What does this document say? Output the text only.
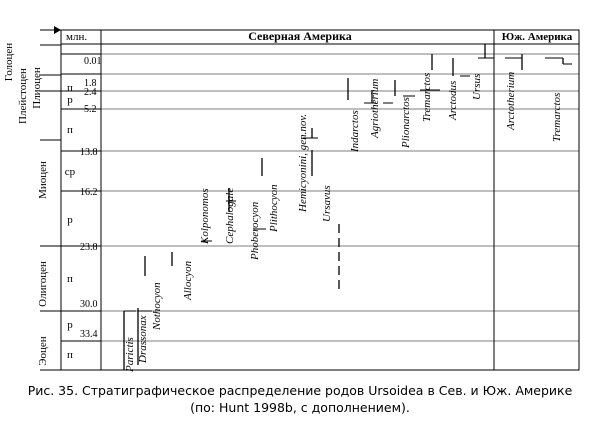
млн.	Северная Америка	Юж. Америка
Голоцен
Плейстоцен Плиоцен
Миоцен
Олигоцен
Эоцен
п
р
п
ср
р
п
р
п
0.01
1.8
2.4
5.2
13.8
16.2
23.8
30.0
33.4
Parictis Drassonax
Nothocyon
Allocyon
Kolponomos Cephalogale Phoberocyon Plithocyon Hemicyonini, gen.nov. Ursavus
Indarctos Agriotherium Plionarctos Tremarctos Arctodus Ursus Arctotherium	Tremarctos
Рис. 35. Стратиграфическое распределение родов Ursoidea в Сев. и Юж. Америке
(по: Hunt 1998b, с дополнением).
